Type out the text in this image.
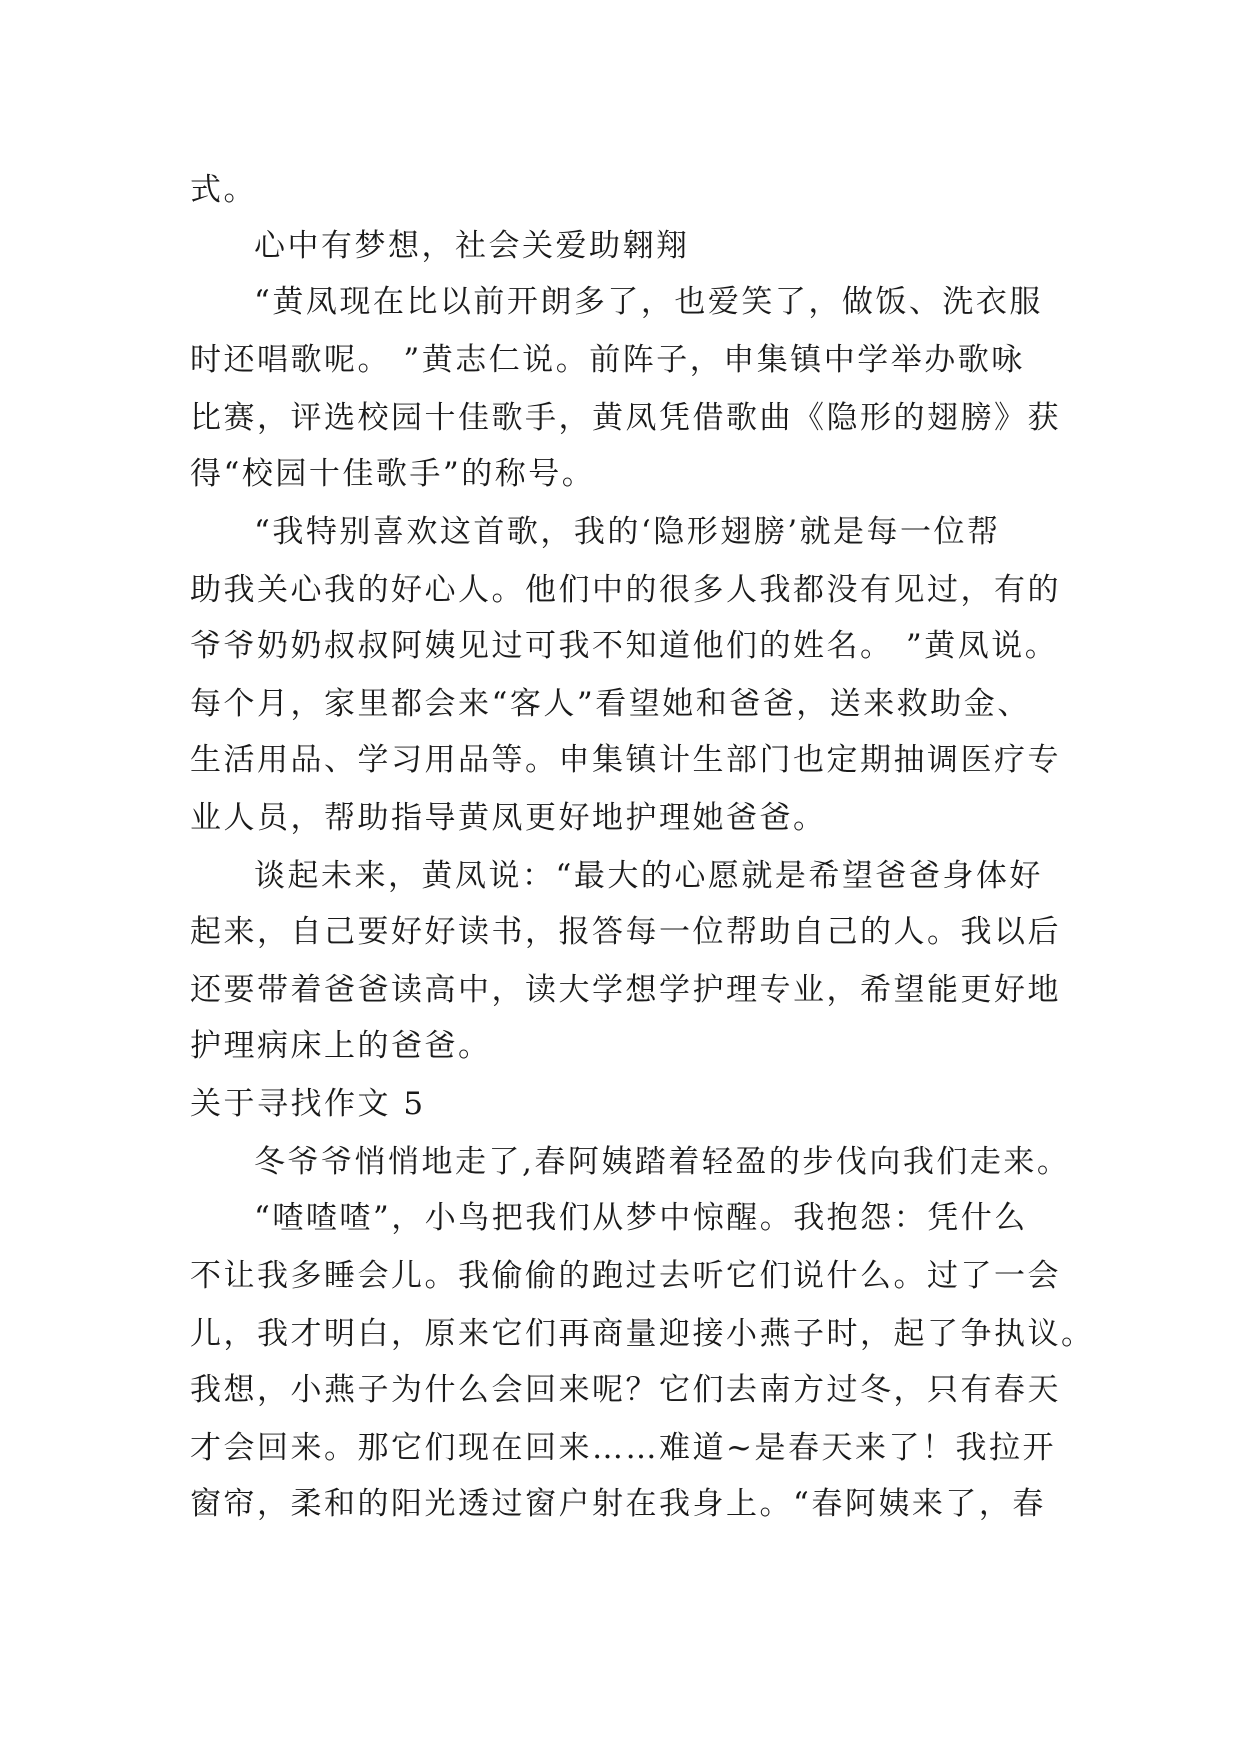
式。
心中有梦想，社会关爱助翱翔
“黄凤现在比以前开朗多了，也爱笑了，做饭、洗衣服
时还唱歌呢。 ”黄志仁说。前阵子，申集镇中学举办歌咏
比赛，评选校园十佳歌手，黄凤凭借歌曲《隐形的翅膀》获
得“校园十佳歌手”的称号。
“我特别喜欢这首歌，我的‘隐形翅膀’就是每一位帮
助我关心我的好心人。他们中的很多人我都没有见过，有的
爷爷奶奶叔叔阿姨见过可我不知道他们的姓名。 ”黄凤说。
每个月，家里都会来“客人”看望她和爸爸，送来救助金、
生活用品、学习用品等。申集镇计生部门也定期抽调医疗专
业人员，帮助指导黄凤更好地护理她爸爸。
谈起未来，黄凤说：“最大的心愿就是希望爸爸身体好
起来，自己要好好读书，报答每一位帮助自己的人。我以后
还要带着爸爸读高中，读大学想学护理专业，希望能更好地
护理病床上的爸爸。
关于寻找作文 5
冬爷爷悄悄地走了,春阿姨踏着轻盈的步伐向我们走来。
“喳喳喳”，小鸟把我们从梦中惊醒。我抱怨：凭什么
不让我多睡会儿。我偷偷的跑过去听它们说什么。过了一会
儿，我才明白，原来它们再商量迎接小燕子时，起了争执议。
我想，小燕子为什么会回来呢？它们去南方过冬，只有春天
才会回来。那它们现在回来……难道~是春天来了！我拉开
窗帘，柔和的阳光透过窗户射在我身上。“春阿姨来了，春
